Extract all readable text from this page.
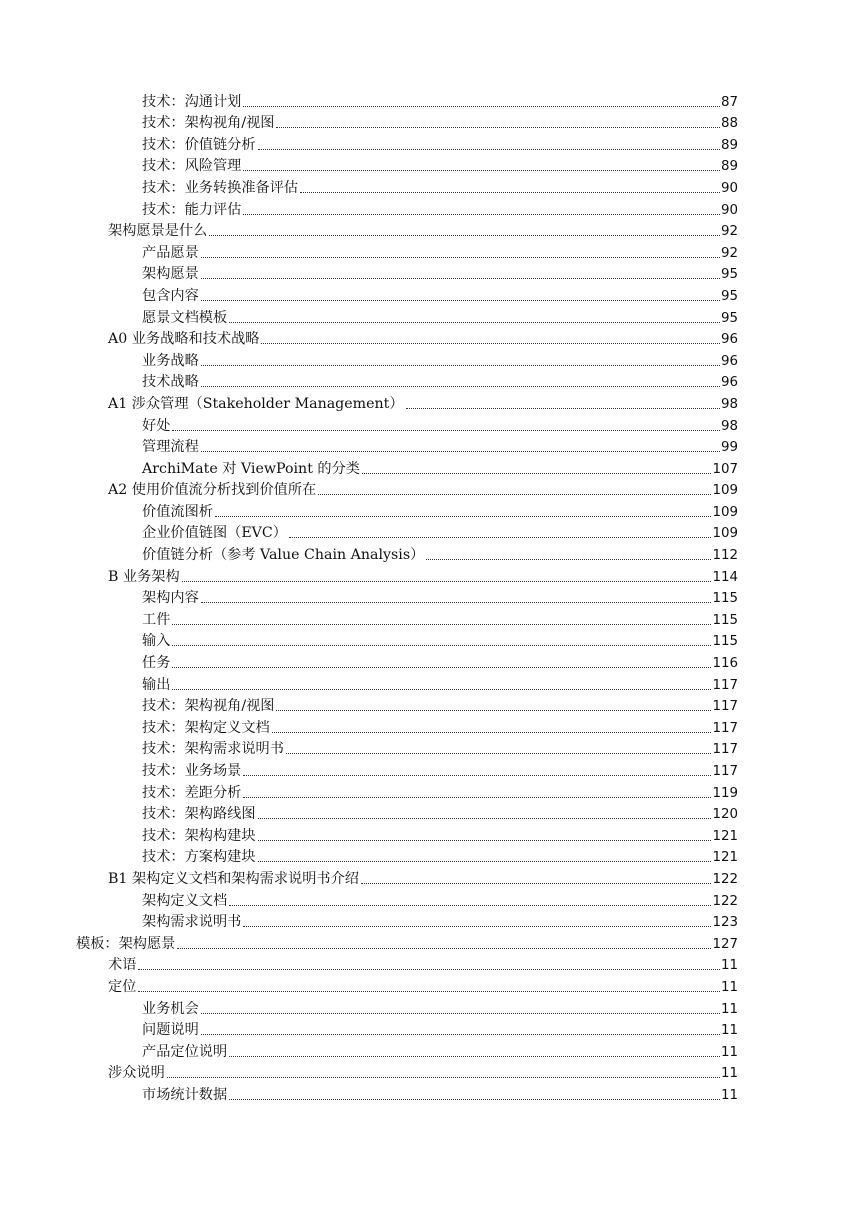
技术：沟通计划	87
技术：架构视角/视图	88
技术：价值链分析	89
技术：风险管理	89
技术：业务转换准备评估	90
技术：能力评估	90
架构愿景是什么	92
产品愿景	92
架构愿景	95
包含内容	95
愿景文档模板	95
A0 业务战略和技术战略	96
业务战略	96
技术战略	96
A1 涉众管理（Stakeholder Management）	98
好处	98
管理流程	99
ArchiMate 对 ViewPoint 的分类	107
A2 使用价值流分析找到价值所在	109
价值流图析	109
企业价值链图（EVC）	109
价值链分析（参考 Value Chain Analysis）	112
B 业务架构	114
架构内容	115
工件	115
输入	115
任务	116
输出	117
技术：架构视角/视图	117
技术：架构定义文档	117
技术：架构需求说明书	117
技术：业务场景	117
技术：差距分析	119
技术：架构路线图	120
技术：架构构建块	121
技术：方案构建块	121
B1 架构定义文档和架构需求说明书介绍	122
架构定义文档	122
架构需求说明书	123
模板：架构愿景	127
术语	11
定位	11
业务机会	11
问题说明	11
产品定位说明	11
涉众说明	11
市场统计数据	11
